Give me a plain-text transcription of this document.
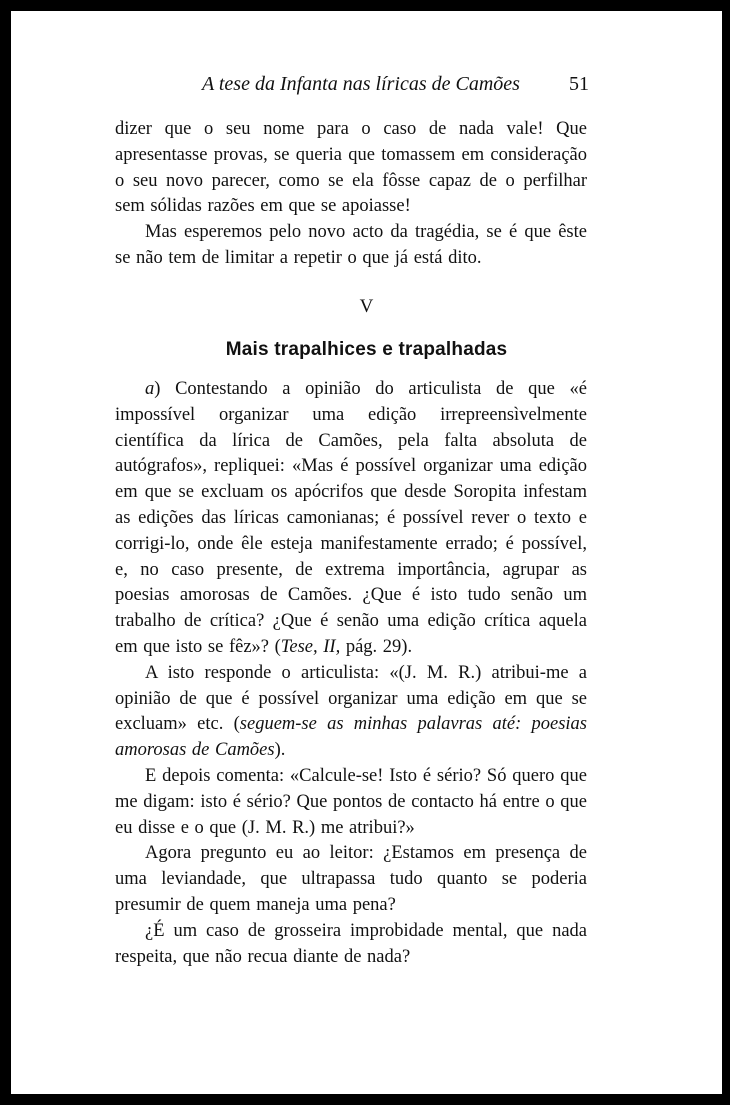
A tese da Infanta nas líricas de Camões 51

dizer que o seu nome para o caso de nada vale! Que apresentasse provas, se queria que tomassem em consideração o seu novo parecer, como se ela fôsse capaz de o perfilhar sem sólidas razões em que se apoiasse!

Mas esperemos pelo novo acto da tragédia, se é que êste se não tem de limitar a repetir o que já está dito.

V
Mais trapalhices e trapalhadas

a) Contestando a opinião do articulista de que «é impossível organizar uma edição irrepreensìvelmente científica da lírica de Camões, pela falta absoluta de autógrafos», repliquei: «Mas é possível organizar uma edição em que se excluam os apócrifos que desde Soropita infestam as edições das líricas camonianas; é possível rever o texto e corrigi-lo, onde êle esteja manifestamente errado; é possível, e, no caso presente, de extrema importância, agrupar as poesias amorosas de Camões. ¿Que é isto tudo senão um trabalho de crítica? ¿Que é senão uma edição crítica aquela em que isto se fêz»? (Tese, II, pág. 29).

A isto responde o articulista: «(J. M. R.) atribui-me a opinião de que é possível organizar uma edição em que se excluam» etc. (seguem-se as minhas palavras até: poesias amorosas de Camões).

E depois comenta: «Calcule-se! Isto é sério? Só quero que me digam: isto é sério? Que pontos de contacto há entre o que eu disse e o que (J. M. R.) me atribui?»

Agora pregunto eu ao leitor: ¿Estamos em presença de uma leviandade, que ultrapassa tudo quanto se poderia presumir de quem maneja uma pena?

¿É um caso de grosseira improbidade mental, que nada respeita, que não recua diante de nada?
